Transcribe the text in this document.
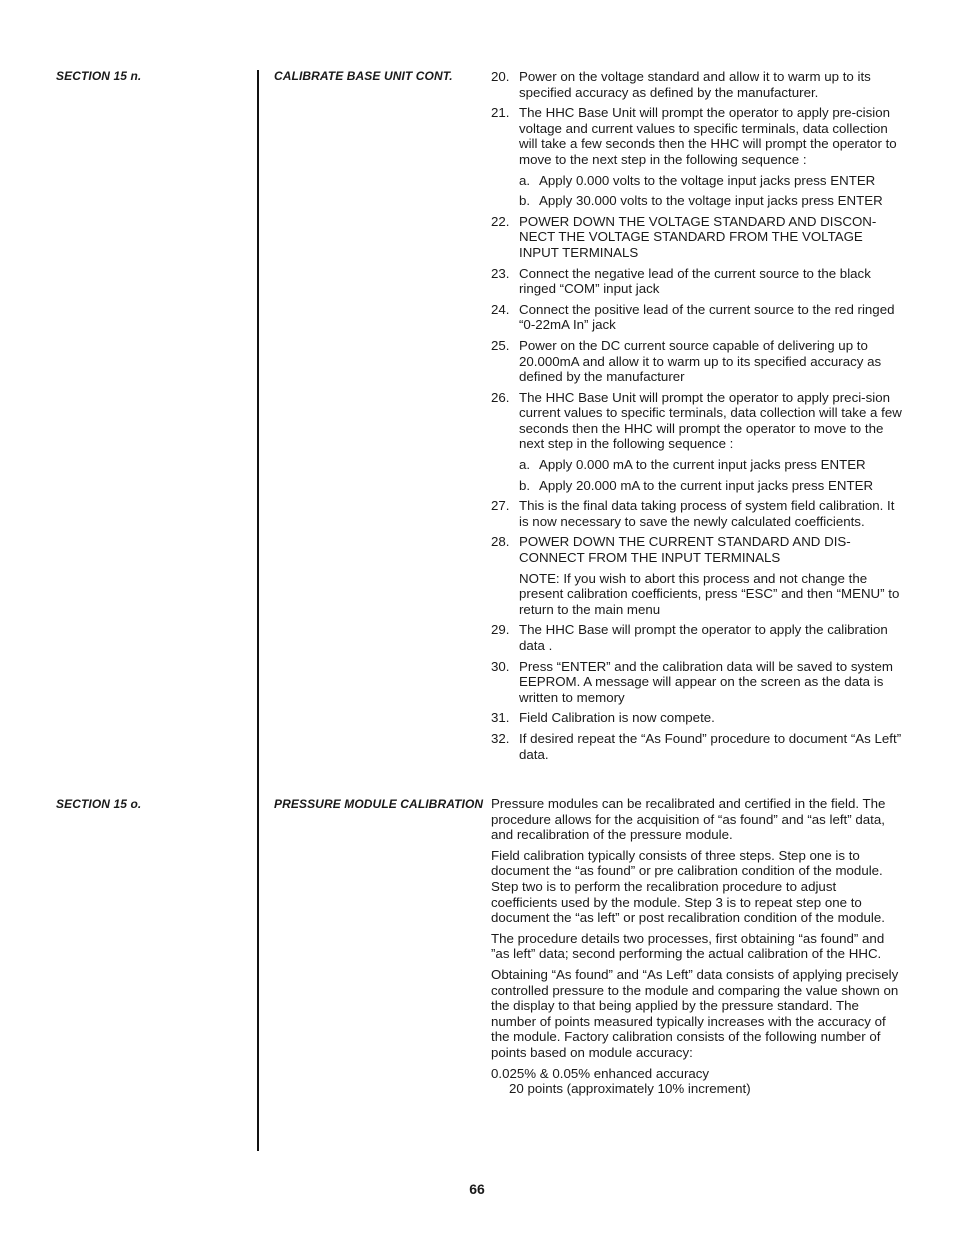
SECTION 15 n.	CALIBRATE BASE UNIT CONT.	20. Power on the voltage standard and allow it to warm up to its specified accuracy as defined by the manufacturer.
21. The HHC Base Unit will prompt the operator to apply pre-cision voltage and current values to specific terminals, data collection will take a few seconds then the HHC will prompt the operator to move to the next step in the following sequence :
a. Apply 0.000 volts to the voltage input jacks press ENTER
b. Apply 30.000 volts to the voltage input jacks press ENTER
22. POWER DOWN THE VOLTAGE STANDARD AND DISCON-NECT THE VOLTAGE STANDARD FROM THE VOLTAGE INPUT TERMINALS
23. Connect the negative lead of the current source to the black ringed “COM” input jack
24. Connect the positive lead of the current source to the red ringed “0-22mA In” jack
25. Power on the DC current source capable of delivering up to 20.000mA and allow it to warm up to its specified accuracy as defined by the manufacturer
26. The HHC Base Unit will prompt the operator to apply preci-sion current values to specific terminals, data collection will take a few seconds then the HHC will prompt the operator to move to the next step in the following sequence :
a. Apply 0.000 mA to the current input jacks press ENTER
b. Apply 20.000 mA to the current input jacks press ENTER
27. This is the final data taking process of system field calibration. It is now necessary to save the newly calculated coefficients.
28. POWER DOWN THE CURRENT STANDARD AND DIS-CONNECT FROM THE INPUT TERMINALS
NOTE: If you wish to abort this process and not change the present calibration coefficients, press “ESC” and then “MENU” to return to the main menu
29. The HHC Base will prompt the operator to apply the calibration data .
30. Press “ENTER” and the calibration data will be saved to system EEPROM. A message will appear on the screen as the data is written to memory
31. Field Calibration is now compete.
32. If desired repeat the “As Found” procedure to document “As Left” data.
SECTION 15 o.	PRESSURE MODULE CALIBRATION Pressure modules can be recalibrated and certified in the field. The procedure allows for the acquisition of “as found” and “as left” data, and recalibration of the pressure module.
Field calibration typically consists of three steps. Step one is to document the “as found” or pre calibration condition of the module. Step two is to perform the recalibration procedure to adjust coefficients used by the module. Step 3 is to repeat step one to document the “as left” or post recalibration condition of the module.
The procedure details two processes, first obtaining “as found” and ”as left” data; second performing the actual calibration of the HHC.
Obtaining “As found” and “As Left” data consists of applying precisely controlled pressure to the module and comparing the value shown on the display to that being applied by the pressure standard. The number of points measured typically increases with the accuracy of the module. Factory calibration consists of the following number of points based on module accuracy:
0.025% & 0.05% enhanced accuracy
20 points (approximately 10% increment)
66
